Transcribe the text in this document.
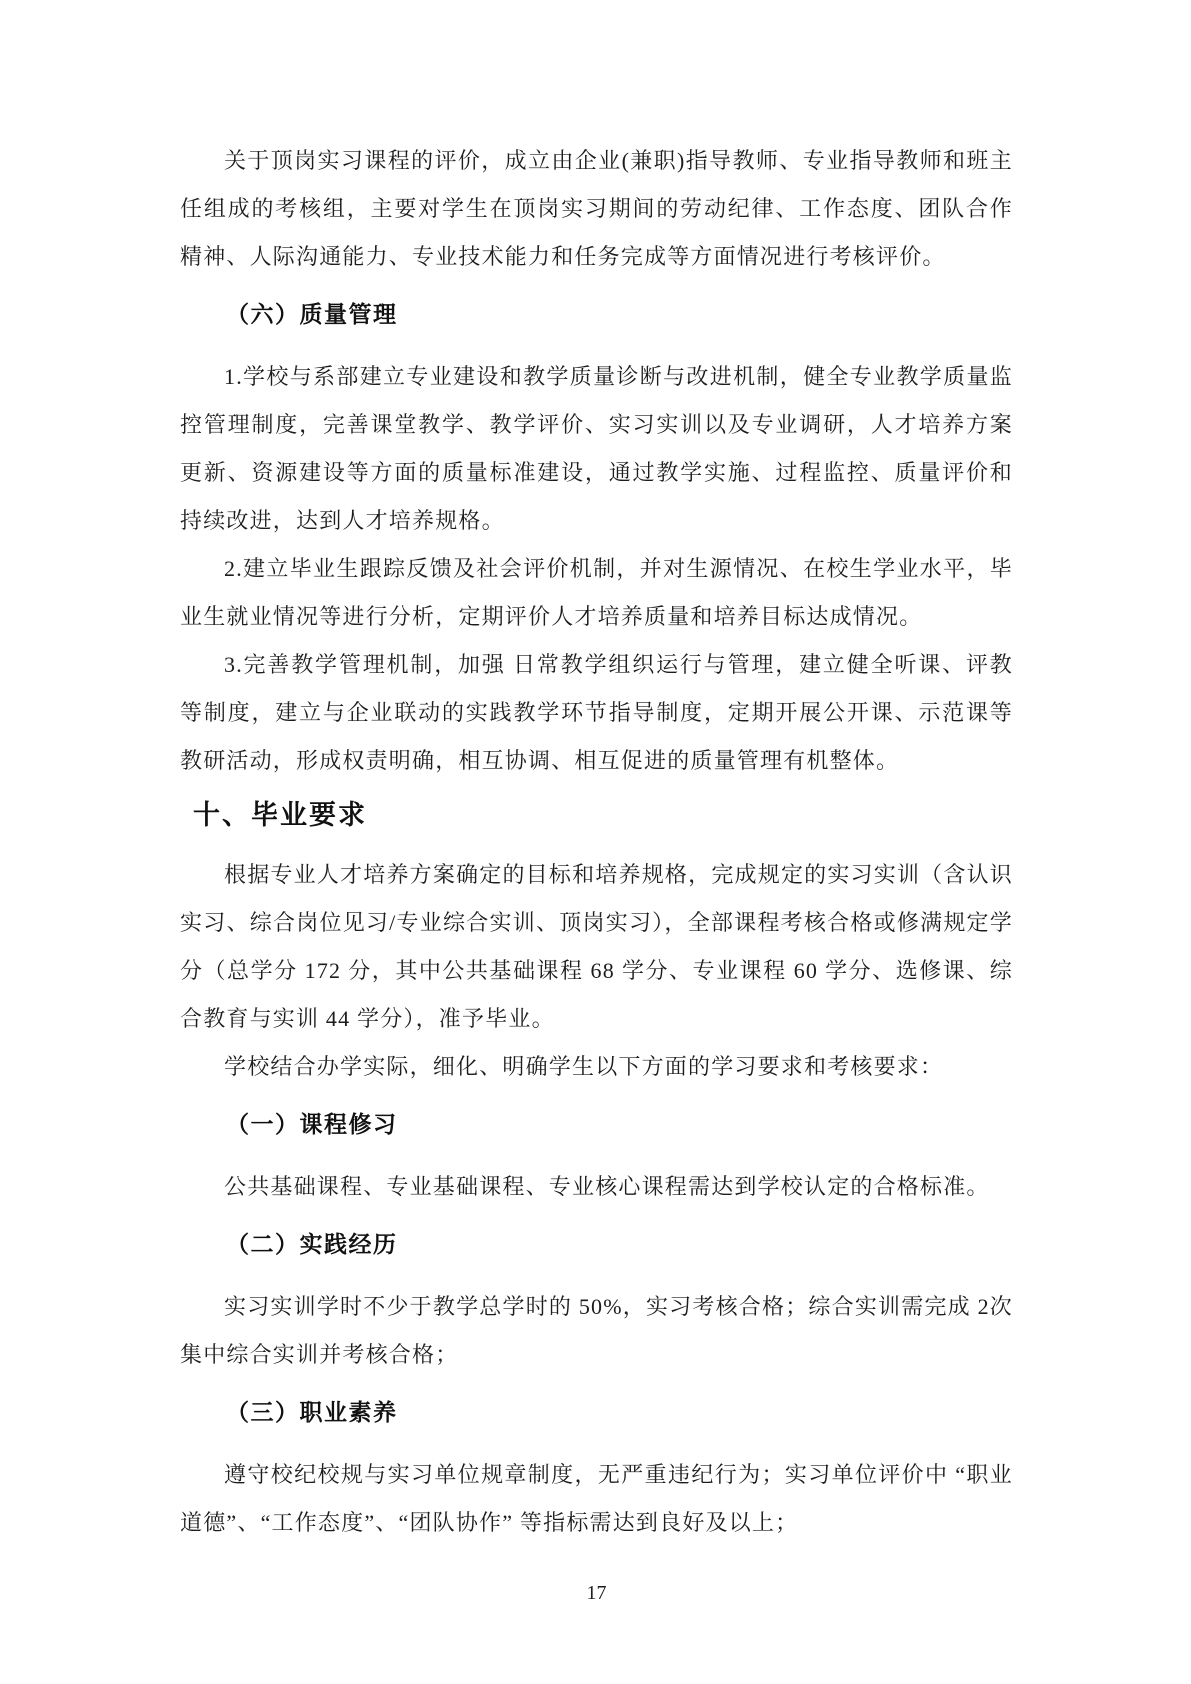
关于顶岗实习课程的评价，成立由企业(兼职)指导教师、专业指导教师和班主任组成的考核组，主要对学生在顶岗实习期间的劳动纪律、工作态度、团队合作精神、人际沟通能力、专业技术能力和任务完成等方面情况进行考核评价。

（六）质量管理

1.学校与系部建立专业建设和教学质量诊断与改进机制，健全专业教学质量监控管理制度，完善课堂教学、教学评价、实习实训以及专业调研，人才培养方案更新、资源建设等方面的质量标准建设，通过教学实施、过程监控、质量评价和持续改进，达到人才培养规格。

2.建立毕业生跟踪反馈及社会评价机制，并对生源情况、在校生学业水平，毕业生就业情况等进行分析，定期评价人才培养质量和培养目标达成情况。

3.完善教学管理机制，加强 日常教学组织运行与管理，建立健全听课、评教等制度，建立与企业联动的实践教学环节指导制度，定期开展公开课、示范课等教研活动，形成权责明确，相互协调、相互促进的质量管理有机整体。

十、毕业要求

根据专业人才培养方案确定的目标和培养规格，完成规定的实习实训（含认识实习、综合岗位见习/专业综合实训、顶岗实习），全部课程考核合格或修满规定学分（总学分 172 分，其中公共基础课程 68 学分、专业课程 60 学分、选修课、综合教育与实训 44 学分），准予毕业。

学校结合办学实际，细化、明确学生以下方面的学习要求和考核要求：

（一）课程修习

公共基础课程、专业基础课程、专业核心课程需达到学校认定的合格标准。

（二）实践经历

实习实训学时不少于教学总学时的 50%，实习考核合格；综合实训需完成 2次集中综合实训并考核合格；

（三）职业素养

遵守校纪校规与实习单位规章制度，无严重违纪行为；实习单位评价中 “职业道德”、“工作态度”、“团队协作” 等指标需达到良好及以上；

17
